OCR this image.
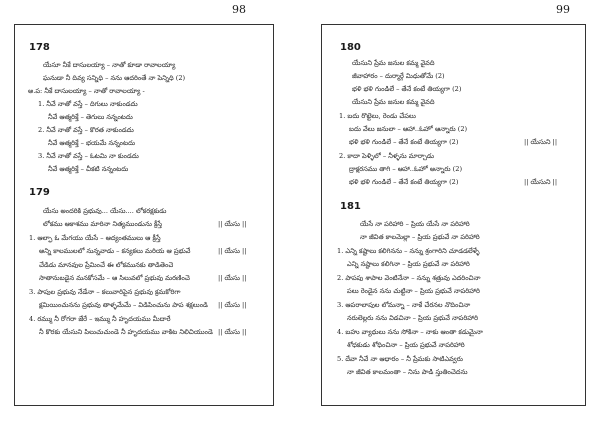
98	99
178
యేసూ నీకే దాసులయ్యా – నాతో కూడా రావాలయ్యా
ఘనుడా నీ దివ్య సన్నిధి – నను ఆదరింతే నా పెన్నిధి (2)
అ.ప: నీకే దాసులయ్యా – నాతో రావాలయ్యా -
1. నీవే నాతో వస్తే – దిగులు నాకుండదు
నీవే ఆత్మరిక్తే – తెగులు నన్నంటదు
2. నీవే నాతో వస్తే – కొరత నాకుండదు
నీవే ఆత్మరిక్తే – భయమే నన్నంటదు
3. నీవే నాతో వస్తే – ఓటమి నా కుండదు
నీవే ఆత్మరిక్తే – చీకటి నన్నంటదు
179
యేసు అందరికి ప్రభువు... యేసు.... లోకరక్షకుడు
లోకము ఆకాశము మారినా నిత్యముండును క్రీస్తే	|| యేసు ||
1. ఆల్ఫా ఓ మేగయు యేసే – ఆద్యంతములు ఆ క్రీస్తే
అన్ని కాలములలో నున్నవాడు – కన్యకలు మరియ ఆ ప్రభువే	|| యేసు ||
చేడిడు మానవుల ప్రేమించే ఈ లోకమునకు తాడితెంచె
సాతానుబడైన మనకోసమే – ఆ సిలువలో ప్రభువు మరణించె	|| యేసు ||
3. పాపుల ప్రభువు నేడేనా – కలువారిపైన ప్రభువు క్రమకోరిగా
క్షమియించునను ప్రభువు తాళ్ళమేమే – విడిపించును పాప శక్షలుండి || యేసు ||
4. రమ్ము నీ రోగరా జేరే – ఇమ్ము నీ హృదయము మీదారే
నీ కొరకు యేసుని పిలుచుచుండె నీ హృదయము వాకిట నిలిచియుండె || యేసు ||
180
యేసుని ప్రేమ జనుల కమ్మ వైవది
జీవాహారం – దుర్మార్గే మిధుతోమే (2)
భళి భళి గుండిలే – తేనే కంటే తియ్యగా (2)
యేసుని ప్రేమ జనుల కమ్మ వైవది
1. బదు రొట్టెలు, రెండు చేపలు
బదు వేలు జనులా – ఆహా..ఓహో ఆన్నారు (2)
భళి భళి గుండిలే – తేనే కంటే తియ్యగా (2)	|| యేసుని ||
2. కాదా పెళ్ళిలో – నీళ్ళను మార్చాడు
ద్రాక్షరసము తాగి – ఆహా..ఓహో అన్నారు (2)
భళి భళి గుండిలే – తేనే కంటే తియ్యగా (2)	|| యేసుని ||
181
యేసే నా పరిహారి – ప్రియ యేసే నా పరిహారి
నా జీవిత కాలమెల్లా – ప్రియ ప్రభువే నా పరిహారి
1. ఎన్ని కష్టాలు కలిగినను – నన్ను శ్రంగారిని చూడడలేళ్ళే
ఎన్ని నష్టాలు కలిగినా – ప్రియ ప్రభువే నా పరిహారి
2. పాపపు శాపాల వెంటినేనా – నన్ను శత్రువు ఎదరించినా
పలు రెండైన నను చుట్టినా – ప్రియ ప్రభువే నాపరిహారి
3. ఆపరాలాపుల లోమన్నా – నాకే చేరనల నొదించినా
నరులెల్లరు నను విడచినా – ప్రియ ప్రభువే నాపరిహారి
4. బహు వ్యాధులు నను సోకినా – నాకు ఆంతా కడుమైనా
శోధకుడు శోధించినా – ప్రియ ప్రభువే నాపరిహారి
5. దేవా నీవే నా ఆధారం – నీ ప్రేమకు సాటిఎవ్వరు
నా జీవిత కాలమంతా – నిను పాడి స్తుతించెదను
